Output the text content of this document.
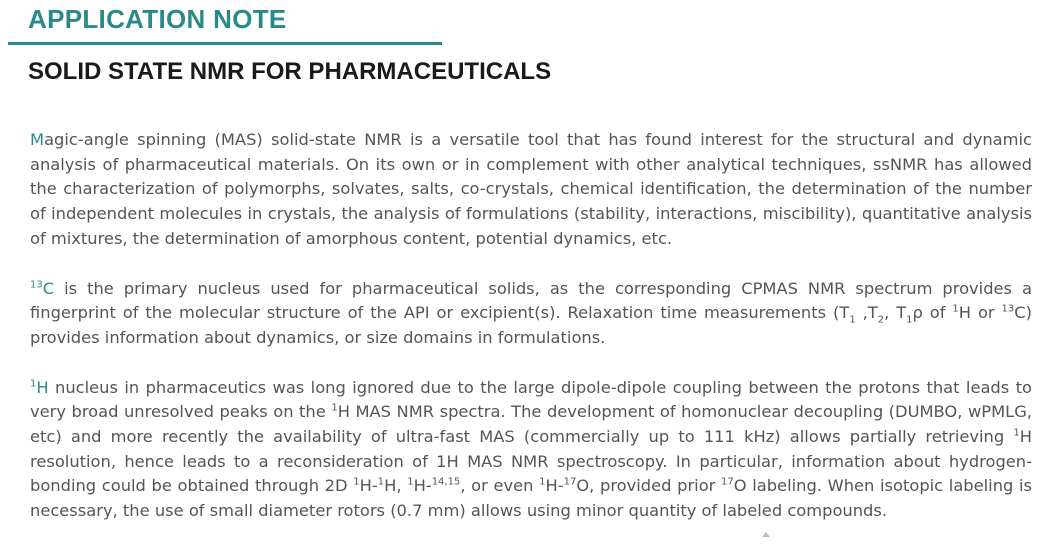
APPLICATION NOTE
SOLID STATE NMR FOR PHARMACEUTICALS

Magic-angle spinning (MAS) solid-state NMR is a versatile tool that has found interest for the structural and dynamic analysis of pharmaceutical materials. On its own or in complement with other analytical techniques, ssNMR has allowed the characterization of polymorphs, solvates, salts, co-crystals, chemical identification, the determination of the number of independent molecules in crystals, the analysis of formulations (stability, interactions, miscibility), quantitative analysis of mixtures, the determination of amorphous content, potential dynamics, etc.

$^{13}$C is the primary nucleus used for pharmaceutical solids, as the corresponding CPMAS NMR spectrum provides a fingerprint of the molecular structure of the API or excipient(s). Relaxation time measurements ($T_1$ $,T_2$, $T_1\rho$ of $^1$H or $^{13}$C) provides information about dynamics, or size domains in formulations.

$^1$H nucleus in pharmaceutics was long ignored due to the large dipole-dipole coupling between the protons that leads to very broad unresolved peaks on the $^1$H MAS NMR spectra. The development of homonuclear decoupling (DUMBO, wPMLG, etc) and more recently the availability of ultra-fast MAS (commercially up to 111 kHz) allows partially retrieving $^1$H resolution, hence leads to a reconsideration of 1H MAS NMR spectroscopy. In particular, information about hydrogen-bonding could be obtained through 2D $^1$H-$^1$H, $^1$H-$^{14,15}$, or even $^1$H-$^{17}$O, provided prior $^{17}$O labeling. When isotopic labeling is necessary, the use of small diameter rotors (0.7 mm) allows using minor quantity of labeled compounds.
